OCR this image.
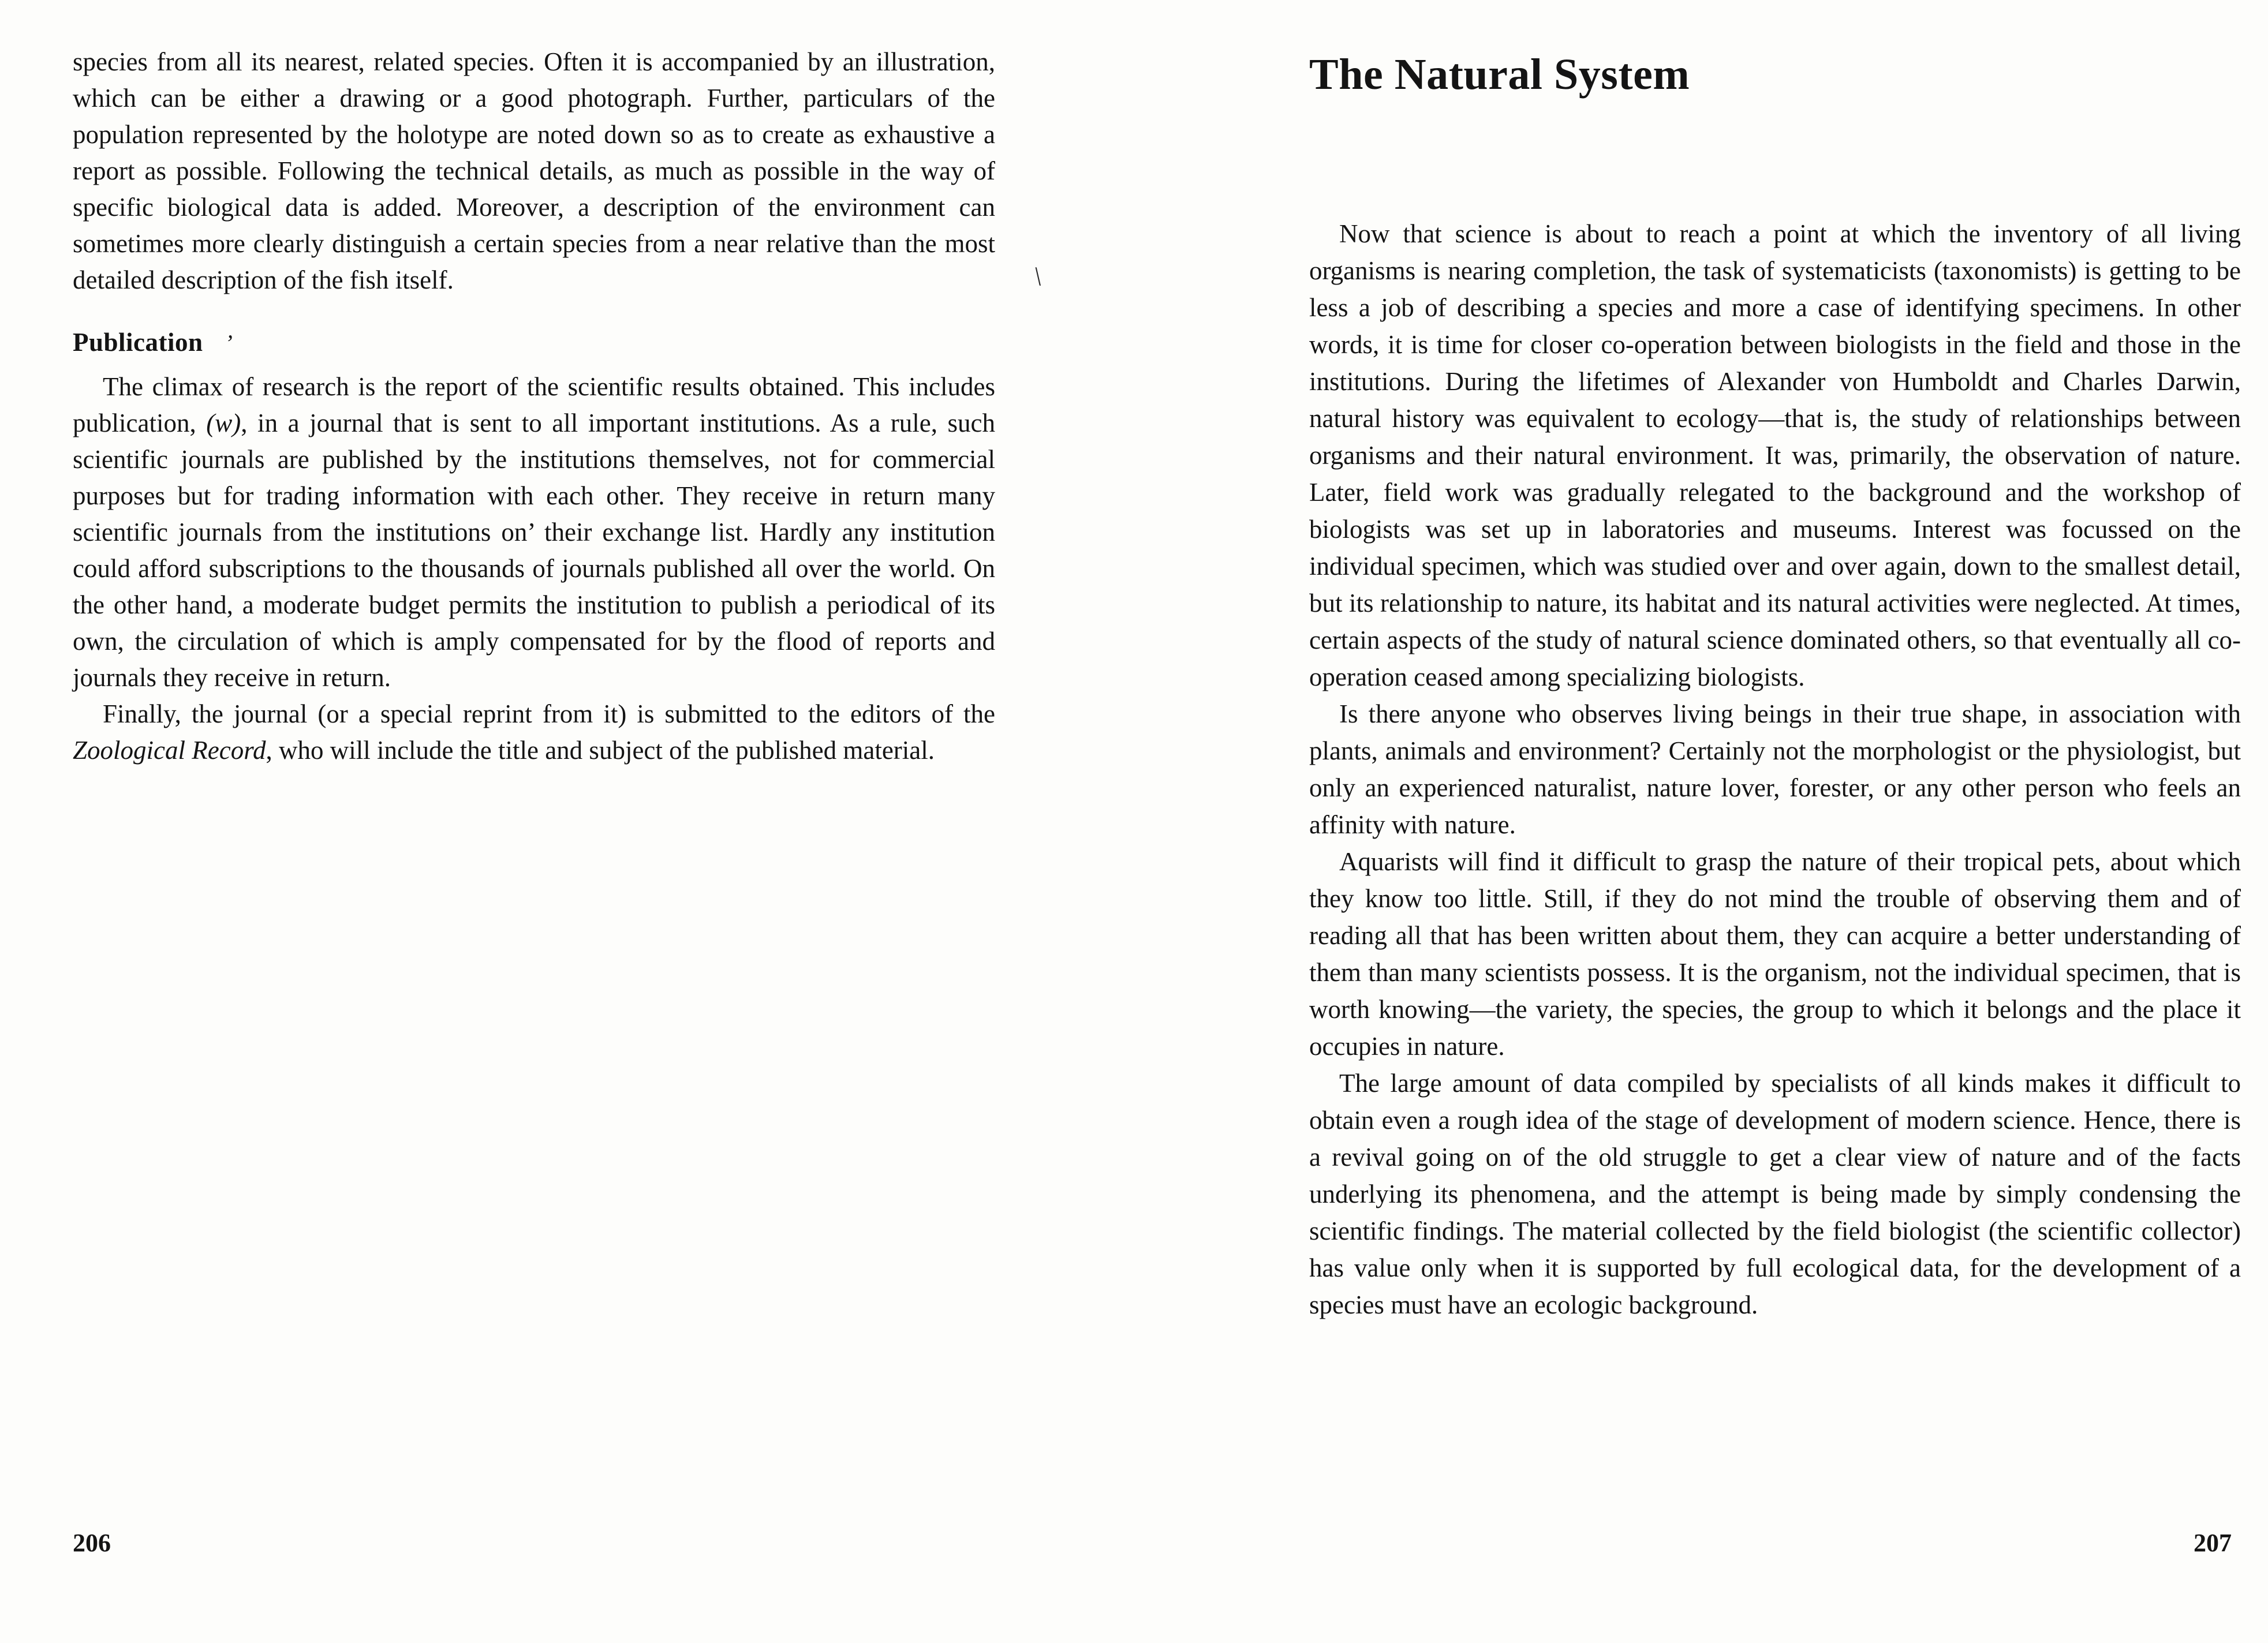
species from all its nearest, related species. Often it is accompanied by an illustration, which can be either a drawing or a good photograph. Further, particulars of the population represented by the holotype are noted down so as to create as exhaustive a report as possible. Following the technical details, as much as possible in the way of specific biological data is added. Moreover, a description of the environment can sometimes more clearly distinguish a certain species from a near relative than the most detailed description of the fish itself.

Publication ʼ

The climax of research is the report of the scientific results obtained. This includes publication, (w), in a journal that is sent to all important institutions. As a rule, such scientific journals are published by the institutions themselves, not for commercial purposes but for trading information with each other. They receive in return many scientific journals from the institutions on’ their exchange list. Hardly any institution could afford subscriptions to the thousands of journals published all over the world. On the other hand, a moderate budget permits the institution to publish a periodical of its own, the circulation of which is amply compensated for by the flood of reports and journals they receive in return.

Finally, the journal (or a special reprint from it) is submitted to the editors of the Zoological Record, who will include the title and subject of the published material.

\
The Natural System

Now that science is about to reach a point at which the inventory of all living organisms is nearing completion, the task of systematicists (taxonomists) is getting to be less a job of describing a species and more a case of identifying specimens. In other words, it is time for closer co-operation between biologists in the field and those in the institutions. During the lifetimes of Alexander von Humboldt and Charles Darwin, natural history was equivalent to ecology—that is, the study of relationships between organisms and their natural environment. It was, primarily, the observation of nature. Later, field work was gradually relegated to the background and the workshop of biologists was set up in laboratories and museums. Interest was focussed on the individual specimen, which was studied over and over again, down to the smallest detail, but its relationship to nature, its habitat and its natural activities were neglected. At times, certain aspects of the study of natural science dominated others, so that eventually all co-operation ceased among specializing biologists.

Is there anyone who observes living beings in their true shape, in association with plants, animals and environment? Certainly not the morphologist or the physiologist, but only an experienced naturalist, nature lover, forester, or any other person who feels an affinity with nature.

Aquarists will find it difficult to grasp the nature of their tropical pets, about which they know too little. Still, if they do not mind the trouble of observing them and of reading all that has been written about them, they can acquire a better understanding of them than many scientists possess. It is the organism, not the individual specimen, that is worth knowing—the variety, the species, the group to which it belongs and the place it occupies in nature.

The large amount of data compiled by specialists of all kinds makes it difficult to obtain even a rough idea of the stage of development of modern science. Hence, there is a revival going on of the old struggle to get a clear view of nature and of the facts underlying its phenomena, and the attempt is being made by simply condensing the scientific findings. The material collected by the field biologist (the scientific collector) has value only when it is supported by full ecological data, for the development of a species must have an ecologic background.

206	207
